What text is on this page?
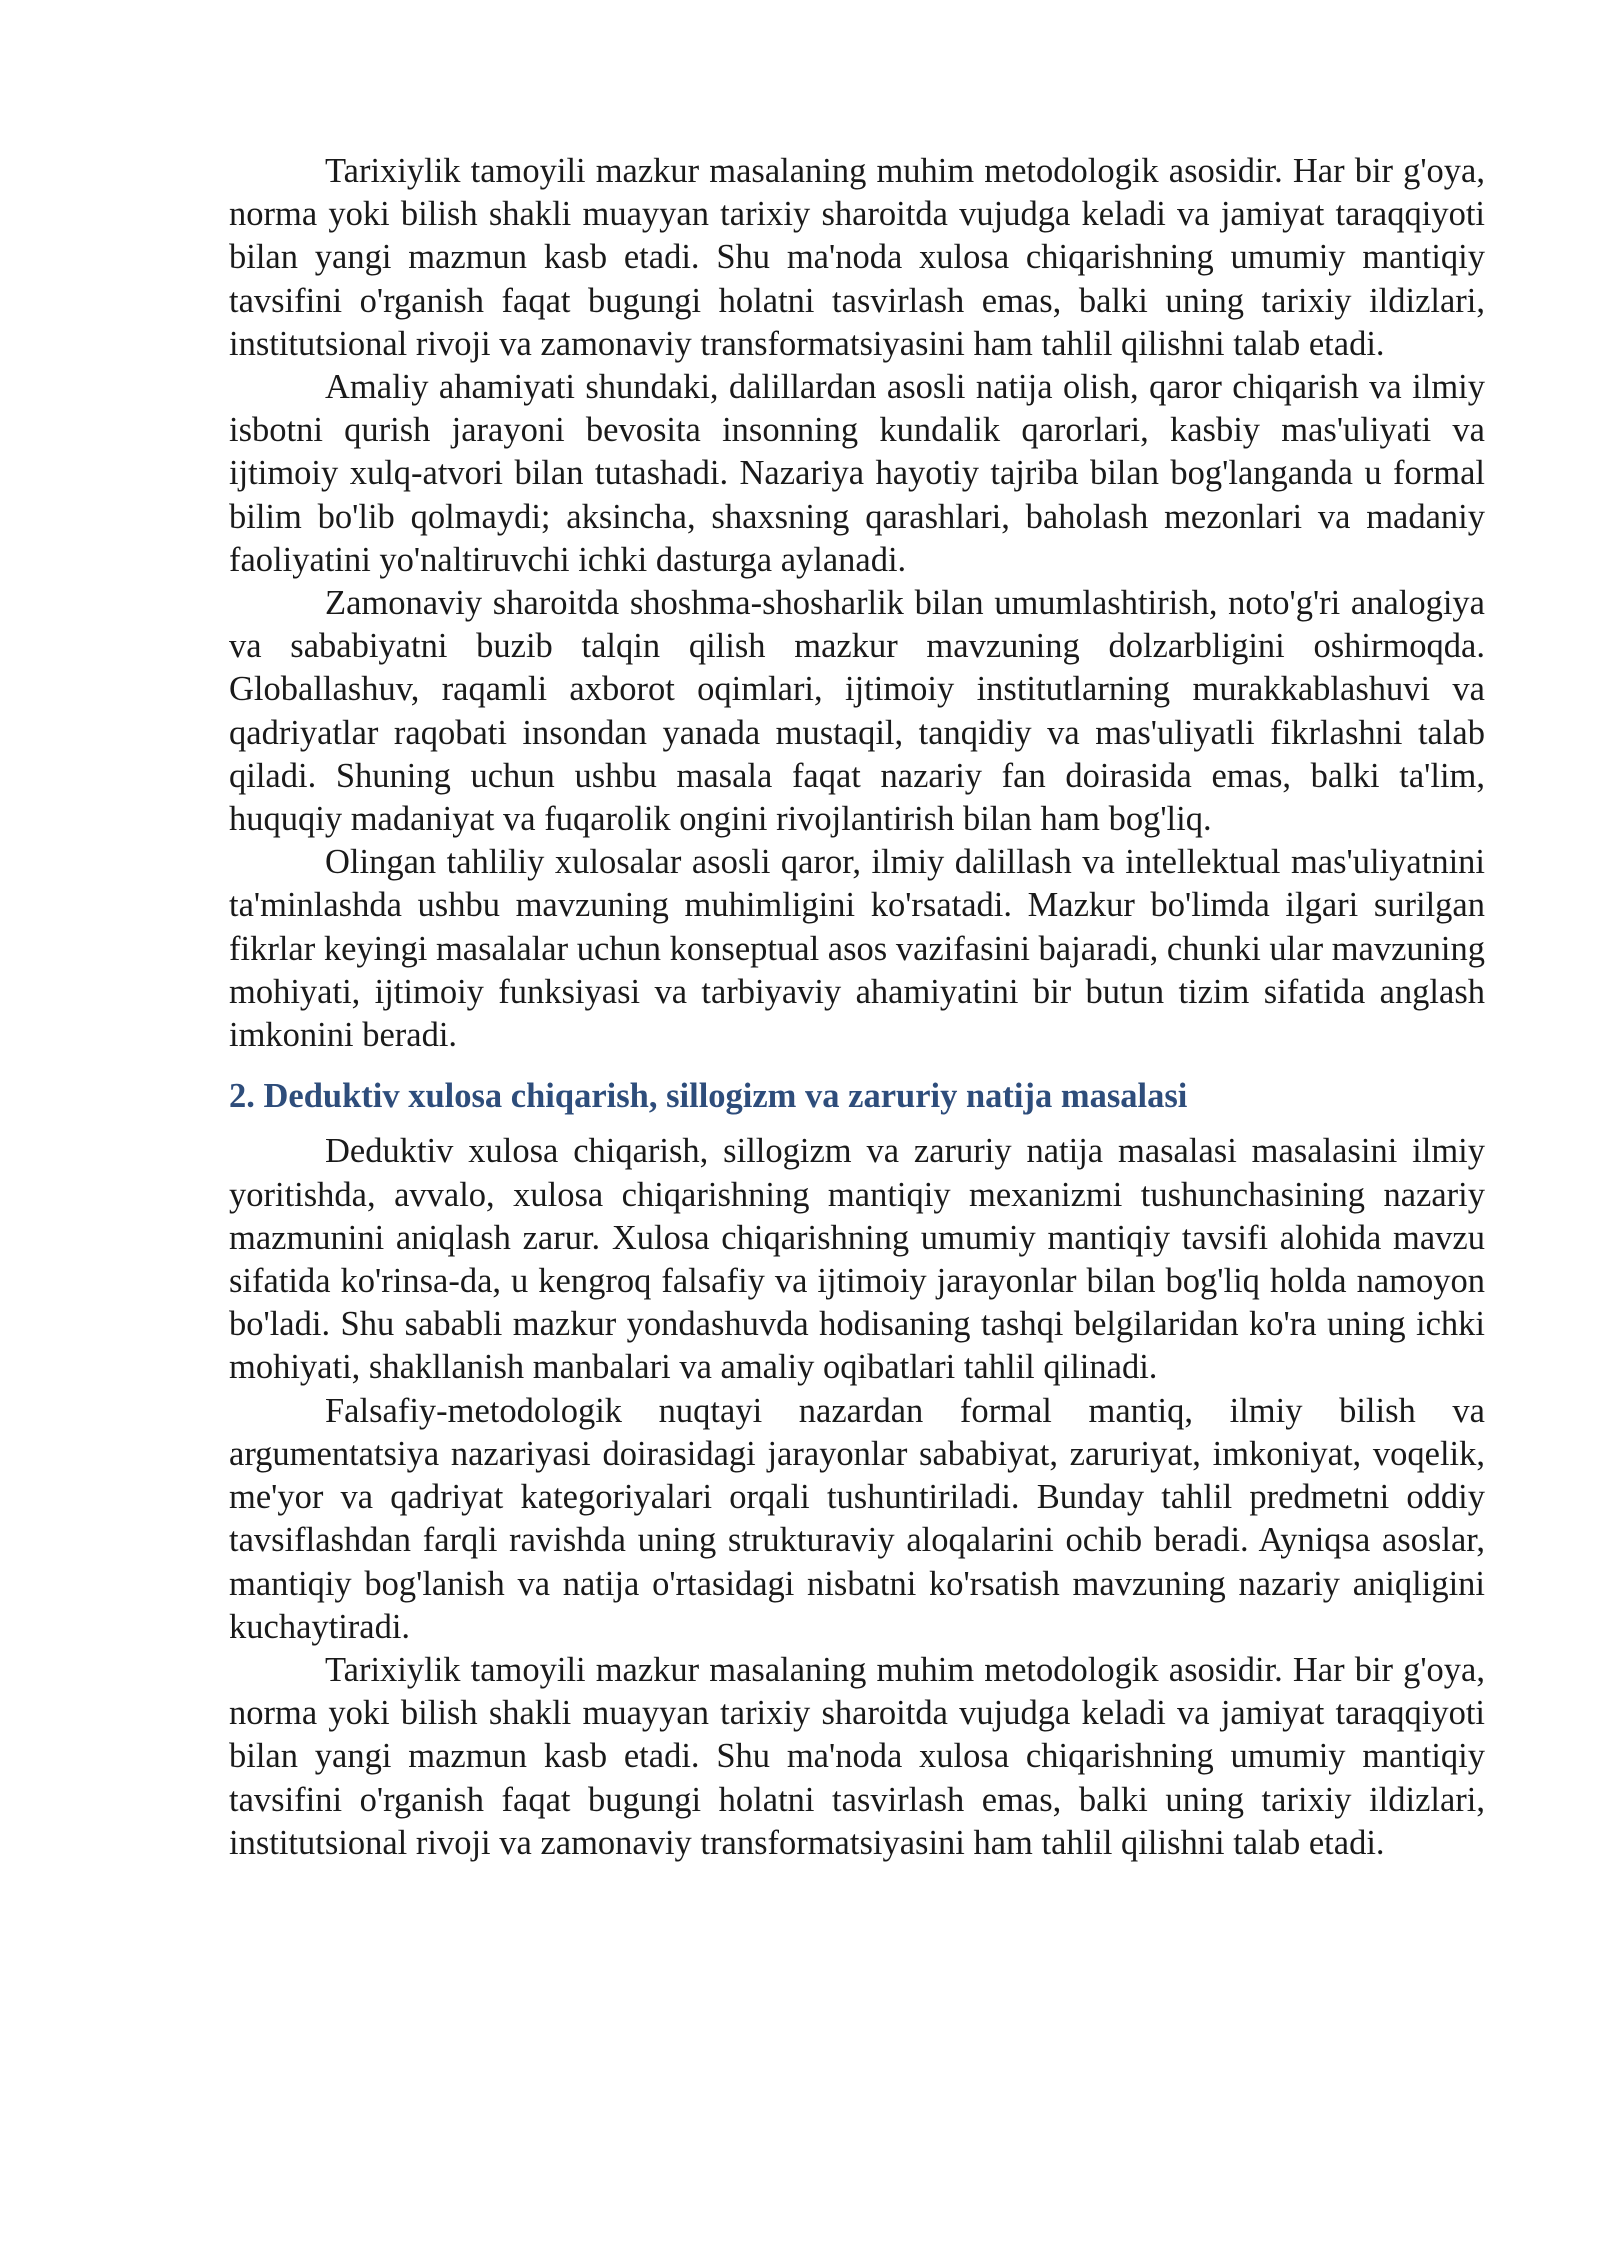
Tarixiylik tamoyili mazkur masalaning muhim metodologik asosidir. Har bir g'oya, norma yoki bilish shakli muayyan tarixiy sharoitda vujudga keladi va jamiyat taraqqiyoti bilan yangi mazmun kasb etadi. Shu ma'noda xulosa chiqarishning umumiy mantiqiy tavsifini o'rganish faqat bugungi holatni tasvirlash emas, balki uning tarixiy ildizlari, institutsional rivoji va zamonaviy transformatsiyasini ham tahlil qilishni talab etadi.

Amaliy ahamiyati shundaki, dalillardan asosli natija olish, qaror chiqarish va ilmiy isbotni qurish jarayoni bevosita insonning kundalik qarorlari, kasbiy mas'uliyati va ijtimoiy xulq-atvori bilan tutashadi. Nazariya hayotiy tajriba bilan bog'langanda u formal bilim bo'lib qolmaydi; aksincha, shaxsning qarashlari, baholash mezonlari va madaniy faoliyatini yo'naltiruvchi ichki dasturga aylanadi.

Zamonaviy sharoitda shoshma-shosharlik bilan umumlashtirish, noto'g'ri analogiya va sababiyatni buzib talqin qilish mazkur mavzuning dolzarbligini oshirmoqda. Globallashuv, raqamli axborot oqimlari, ijtimoiy institutlarning murakkablashuvi va qadriyatlar raqobati insondan yanada mustaqil, tanqidiy va mas'uliyatli fikrlashni talab qiladi. Shuning uchun ushbu masala faqat nazariy fan doirasida emas, balki ta'lim, huquqiy madaniyat va fuqarolik ongini rivojlantirish bilan ham bog'liq.

Olingan tahliliy xulosalar asosli qaror, ilmiy dalillash va intellektual mas'uliyatnini ta'minlashda ushbu mavzuning muhimligini ko'rsatadi. Mazkur bo'limda ilgari surilgan fikrlar keyingi masalalar uchun konseptual asos vazifasini bajaradi, chunki ular mavzuning mohiyati, ijtimoiy funksiyasi va tarbiyaviy ahamiyatini bir butun tizim sifatida anglash imkonini beradi.

2. Deduktiv xulosa chiqarish, sillogizm va zaruriy natija masalasi

Deduktiv xulosa chiqarish, sillogizm va zaruriy natija masalasi masalasini ilmiy yoritishda, avvalo, xulosa chiqarishning mantiqiy mexanizmi tushunchasining nazariy mazmunini aniqlash zarur. Xulosa chiqarishning umumiy mantiqiy tavsifi alohida mavzu sifatida ko'rinsa-da, u kengroq falsafiy va ijtimoiy jarayonlar bilan bog'liq holda namoyon bo'ladi. Shu sababli mazkur yondashuvda hodisaning tashqi belgilaridan ko'ra uning ichki mohiyati, shakllanish manbalari va amaliy oqibatlari tahlil qilinadi.

Falsafiy-metodologik nuqtayi nazardan formal mantiq, ilmiy bilish va argumentatsiya nazariyasi doirasidagi jarayonlar sababiyat, zaruriyat, imkoniyat, voqelik, me'yor va qadriyat kategoriyalari orqali tushuntiriladi. Bunday tahlil predmetni oddiy tavsiflashdan farqli ravishda uning strukturaviy aloqalarini ochib beradi. Ayniqsa asoslar, mantiqiy bog'lanish va natija o'rtasidagi nisbatni ko'rsatish mavzuning nazariy aniqligini kuchaytiradi.

Tarixiylik tamoyili mazkur masalaning muhim metodologik asosidir. Har bir g'oya, norma yoki bilish shakli muayyan tarixiy sharoitda vujudga keladi va jamiyat taraqqiyoti bilan yangi mazmun kasb etadi. Shu ma'noda xulosa chiqarishning umumiy mantiqiy tavsifini o'rganish faqat bugungi holatni tasvirlash emas, balki uning tarixiy ildizlari, institutsional rivoji va zamonaviy transformatsiyasini ham tahlil qilishni talab etadi.
